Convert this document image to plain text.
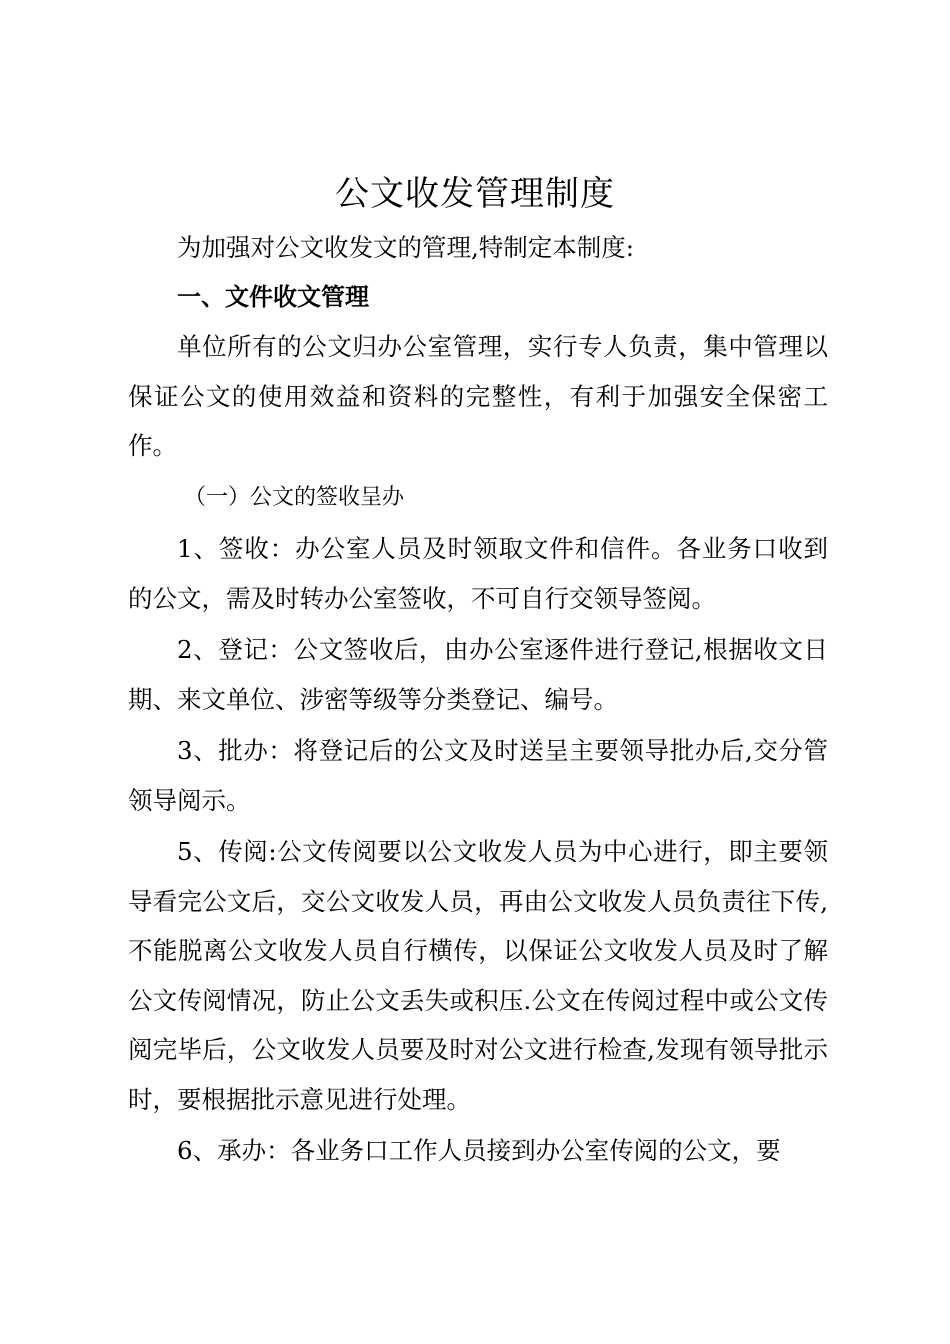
公文收发管理制度

为加强对公文收发文的管理,特制定本制度:

一、文件收文管理

单位所有的公文归办公室管理，实行专人负责，集中管理以保证公文的使用效益和资料的完整性，有利于加强安全保密工作。

（一）公文的签收呈办

1、签收：办公室人员及时领取文件和信件。各业务口收到的公文，需及时转办公室签收，不可自行交领导签阅。

2、登记：公文签收后，由办公室逐件进行登记,根据收文日期、来文单位、涉密等级等分类登记、编号。

3、批办：将登记后的公文及时送呈主要领导批办后,交分管领导阅示。

5、传阅:公文传阅要以公文收发人员为中心进行，即主要领导看完公文后，交公文收发人员，再由公文收发人员负责往下传,不能脱离公文收发人员自行横传，以保证公文收发人员及时了解公文传阅情况，防止公文丢失或积压.公文在传阅过程中或公文传阅完毕后，公文收发人员要及时对公文进行检查,发现有领导批示时，要根据批示意见进行处理。

6、承办：各业务口工作人员接到办公室传阅的公文，要
